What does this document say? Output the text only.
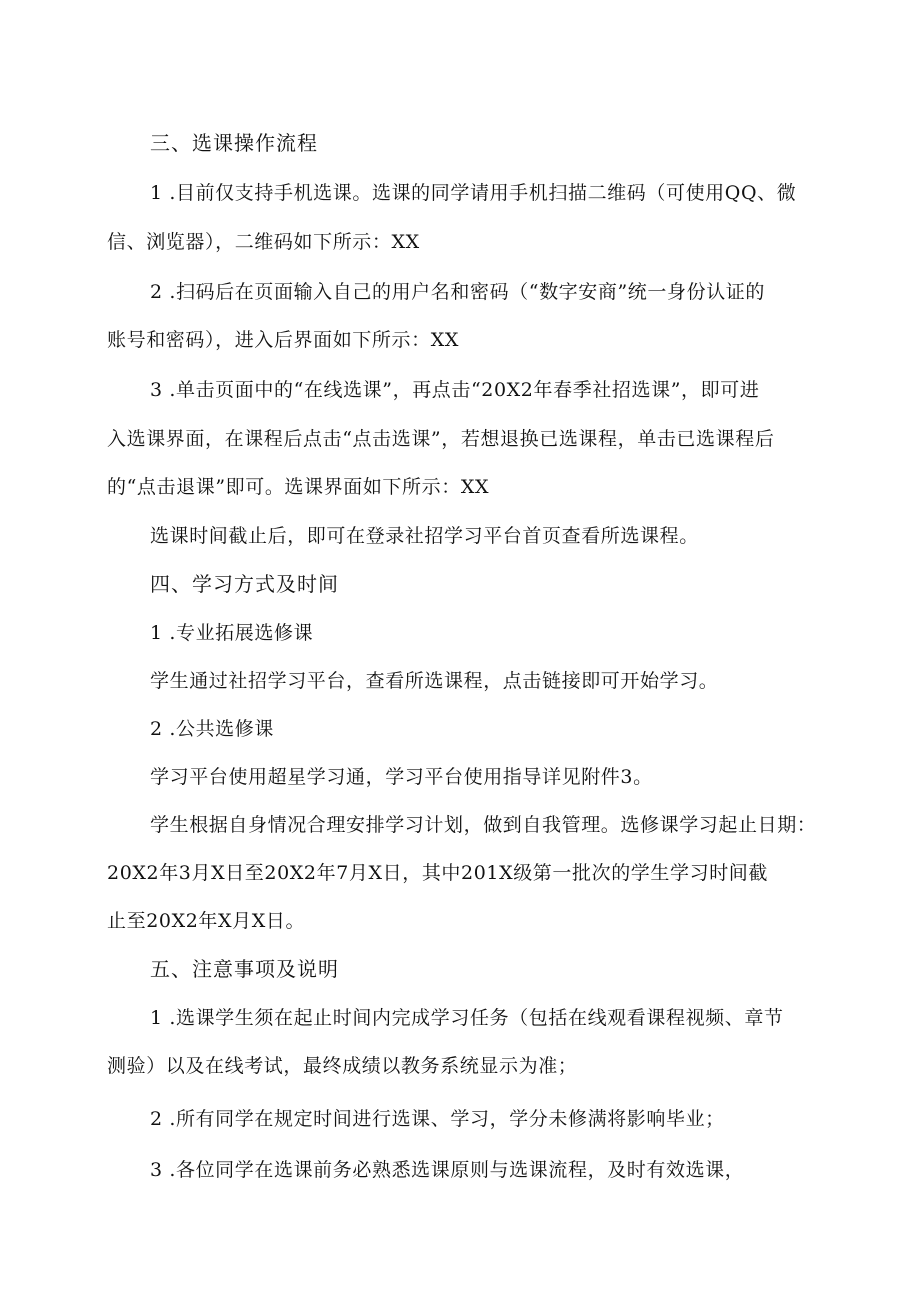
三、选课操作流程
1 .目前仅支持手机选课。选课的同学请用手机扫描二维码（可使用QQ、微
信、浏览器），二维码如下所示：XX
2 .扫码后在页面输入自己的用户名和密码（“数字安商”统一身份认证的
账号和密码），进入后界面如下所示：XX
3 .单击页面中的“在线选课”，再点击“20X2年春季社招选课”，即可进
入选课界面，在课程后点击“点击选课”，若想退换已选课程，单击已选课程后
的“点击退课”即可。选课界面如下所示：XX
选课时间截止后，即可在登录社招学习平台首页查看所选课程。
四、学习方式及时间
1 .专业拓展选修课
学生通过社招学习平台，查看所选课程，点击链接即可开始学习。
2 .公共选修课
学习平台使用超星学习通，学习平台使用指导详见附件3。
学生根据自身情况合理安排学习计划，做到自我管理。选修课学习起止日期：
20X2年3月X日至20X2年7月X日，其中201X级第一批次的学生学习时间截
止至20X2年X月X日。
五、注意事项及说明
1 .选课学生须在起止时间内完成学习任务（包括在线观看课程视频、章节
测验）以及在线考试，最终成绩以教务系统显示为准；
2 .所有同学在规定时间进行选课、学习，学分未修满将影响毕业；
3 .各位同学在选课前务必熟悉选课原则与选课流程，及时有效选课，
